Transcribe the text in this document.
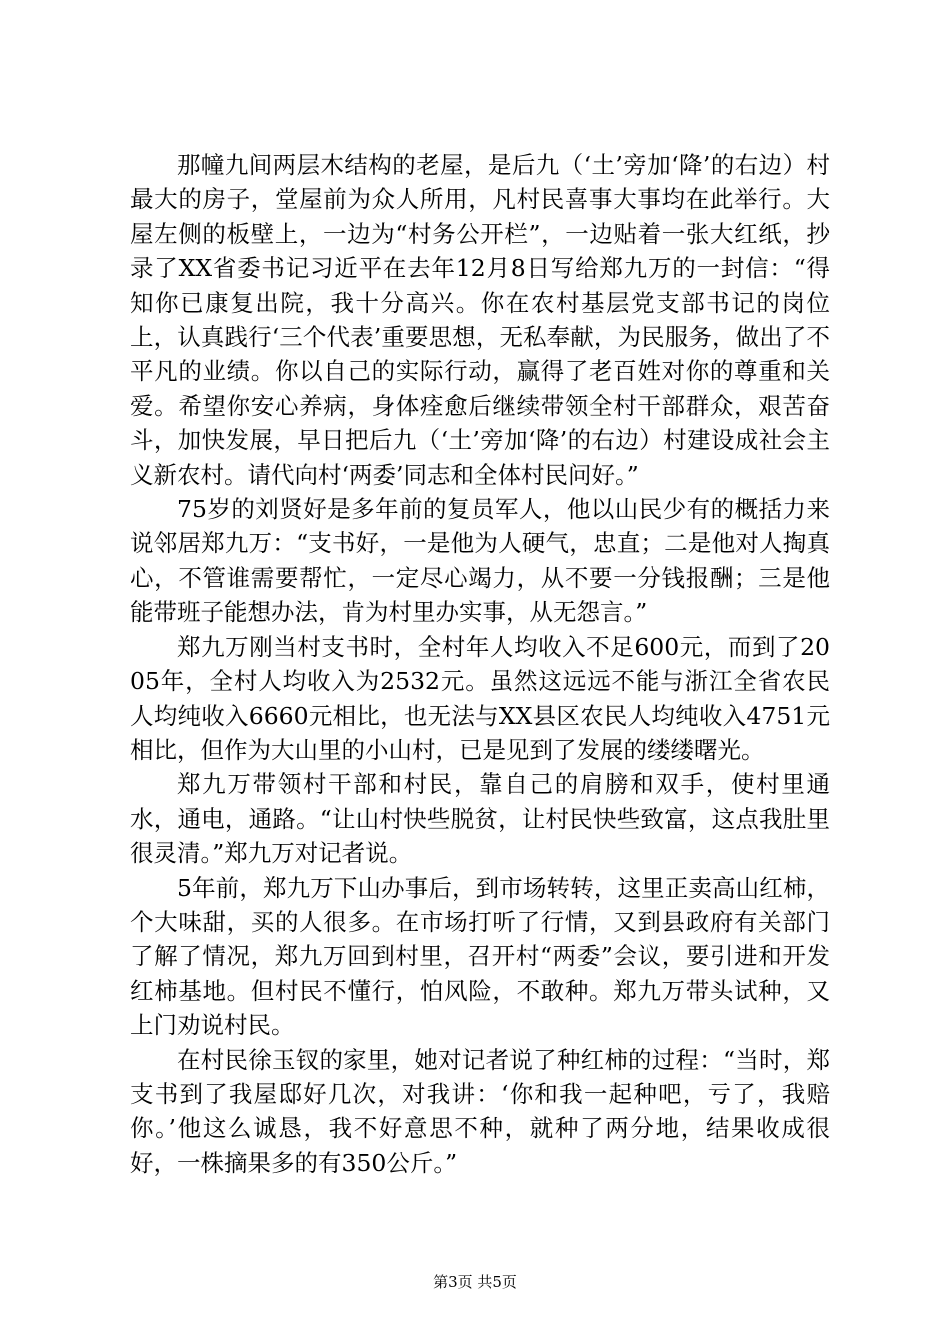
那幢九间两层木结构的老屋，是后九（‘土’旁加‘降’的右边）村最大的房子，堂屋前为众人所用，凡村民喜事大事均在此举行。大屋左侧的板壁上，一边为“村务公开栏”，一边贴着一张大红纸，抄录了XX省委书记习近平在去年12月8日写给郑九万的一封信：“得知你已康复出院，我十分高兴。你在农村基层党支部书记的岗位上，认真践行‘三个代表’重要思想，无私奉献，为民服务，做出了不平凡的业绩。你以自己的实际行动，赢得了老百姓对你的尊重和关爱。希望你安心养病，身体痊愈后继续带领全村干部群众，艰苦奋斗，加快发展，早日把后九（‘土’旁加‘降’的右边）村建设成社会主义新农村。请代向村‘两委’同志和全体村民问好。”

75岁的刘贤好是多年前的复员军人，他以山民少有的概括力来说邻居郑九万：“支书好，一是他为人硬气，忠直；二是他对人掏真心，不管谁需要帮忙，一定尽心竭力，从不要一分钱报酬；三是他能带班子能想办法，肯为村里办实事，从无怨言。”

郑九万刚当村支书时，全村年人均收入不足600元，而到了2005年，全村人均收入为2532元。虽然这远远不能与浙江全省农民人均纯收入6660元相比，也无法与XX县区农民人均纯收入4751元相比，但作为大山里的小山村，已是见到了发展的缕缕曙光。

郑九万带领村干部和村民，靠自己的肩膀和双手，使村里通水，通电，通路。“让山村快些脱贫，让村民快些致富，这点我肚里很灵清。”郑九万对记者说。

5年前，郑九万下山办事后，到市场转转，这里正卖高山红柿，个大味甜，买的人很多。在市场打听了行情，又到县政府有关部门了解了情况，郑九万回到村里，召开村“两委”会议，要引进和开发红柿基地。但村民不懂行，怕风险，不敢种。郑九万带头试种，又上门劝说村民。

在村民徐玉钗的家里，她对记者说了种红柿的过程：“当时，郑支书到了我屋邸好几次，对我讲：‘你和我一起种吧，亏了，我赔你。’他这么诚恳，我不好意思不种，就种了两分地，结果收成很好，一株摘果多的有350公斤。”

第3页 共5页
